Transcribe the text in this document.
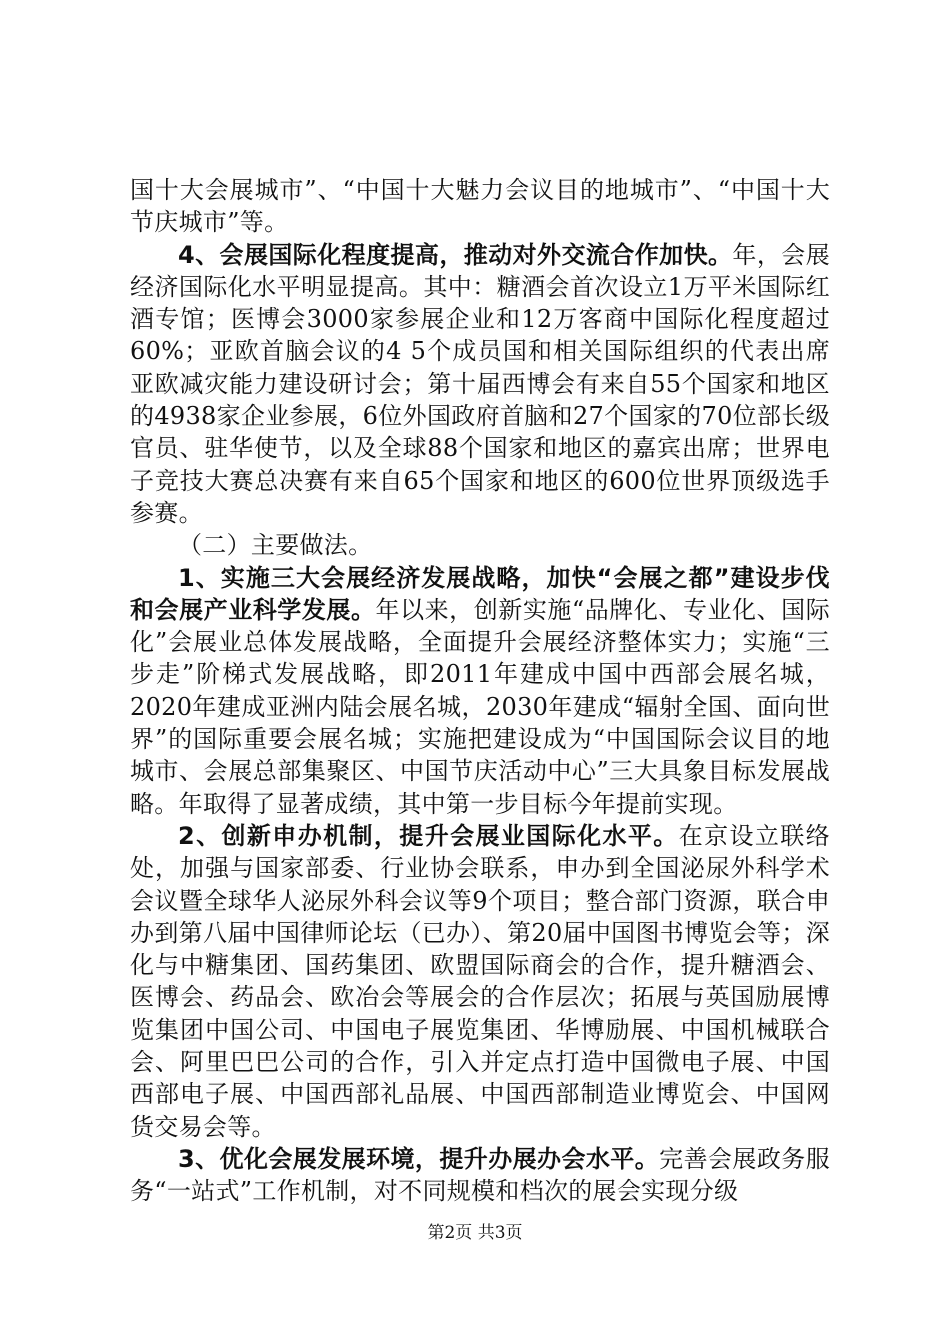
国十大会展城市”、“中国十大魅力会议目的地城市”、“中国十大节庆城市”等。

4、会展国际化程度提高，推动对外交流合作加快。年，会展经济国际化水平明显提高。其中：糖酒会首次设立1万平米国际红酒专馆；医博会3000家参展企业和12万客商中国际化程度超过60%；亚欧首脑会议的4 5个成员国和相关国际组织的代表出席亚欧减灾能力建设研讨会；第十届西博会有来自55个国家和地区的4938家企业参展，6位外国政府首脑和27个国家的70位部长级官员、驻华使节，以及全球88个国家和地区的嘉宾出席；世界电子竞技大赛总决赛有来自65个国家和地区的600位世界顶级选手参赛。

（二）主要做法。

1、实施三大会展经济发展战略，加快“会展之都”建设步伐和会展产业科学发展。年以来，创新实施“品牌化、专业化、国际化”会展业总体发展战略，全面提升会展经济整体实力；实施“三步走”阶梯式发展战略，即2011年建成中国中西部会展名城，2020年建成亚洲内陆会展名城，2030年建成“辐射全国、面向世界”的国际重要会展名城；实施把建设成为“中国国际会议目的地城市、会展总部集聚区、中国节庆活动中心”三大具象目标发展战略。年取得了显著成绩，其中第一步目标今年提前实现。

2、创新申办机制，提升会展业国际化水平。在京设立联络处，加强与国家部委、行业协会联系，申办到全国泌尿外科学术会议暨全球华人泌尿外科会议等9个项目；整合部门资源，联合申办到第八届中国律师论坛（已办）、第20届中国图书博览会等；深化与中糖集团、国药集团、欧盟国际商会的合作，提升糖酒会、医博会、药品会、欧冶会等展会的合作层次；拓展与英国励展博览集团中国公司、中国电子展览集团、华博励展、中国机械联合会、阿里巴巴公司的合作，引入并定点打造中国微电子展、中国西部电子展、中国西部礼品展、中国西部制造业博览会、中国网货交易会等。

3、优化会展发展环境，提升办展办会水平。完善会展政务服务“一站式”工作机制，对不同规模和档次的展会实现分级

第2页 共3页
